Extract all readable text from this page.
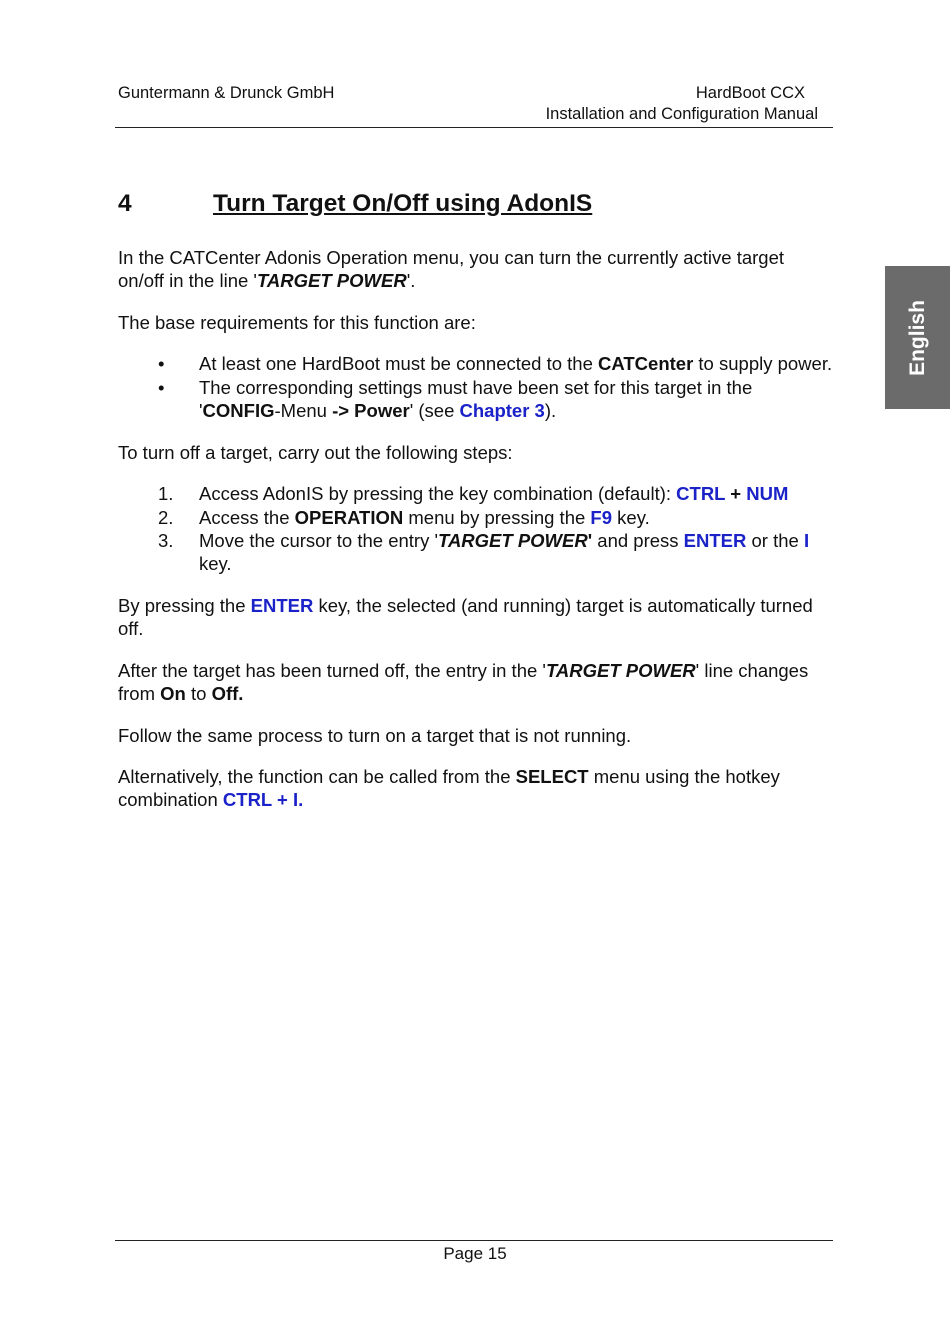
Guntermann & Drunck GmbH	HardBoot CCX
Installation and Configuration Manual
English
4	Turn Target On/Off using AdonIS

In the CATCenter Adonis Operation menu, you can turn the currently active target on/off in the line 'TARGET POWER'.

The base requirements for this function are:

• At least one HardBoot must be connected to the CATCenter to supply power.
• The corresponding settings must have been set for this target in the 'CONFIG-Menu -> Power' (see Chapter 3).

To turn off a target, carry out the following steps:

1. Access AdonIS by pressing the key combination (default): CTRL + NUM
2. Access the OPERATION menu by pressing the F9 key.
3. Move the cursor to the entry 'TARGET POWER' and press ENTER or the I key.

By pressing the ENTER key, the selected (and running) target is automatically turned off.

After the target has been turned off, the entry in the 'TARGET POWER' line changes from On to Off.

Follow the same process to turn on a target that is not running.

Alternatively, the function can be called from the SELECT menu using the hotkey combination CTRL + I.

Page 15
